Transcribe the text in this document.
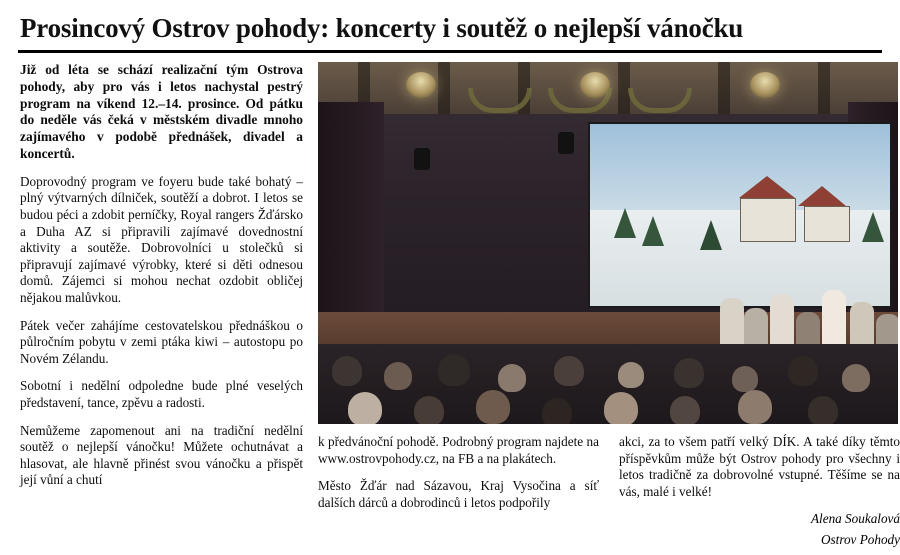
Prosincový Ostrov pohody: koncerty i soutěž o nejlepší vánočku

Již od léta se schází realizační tým Ostrova pohody, aby pro vás i letos nachystal pestrý program na víkend 12.–14. prosince. Od pátku do neděle vás čeká v městském divadle mnoho zajímavého v podobě přednášek, divadel a koncertů.

Doprovodný program ve foyeru bude také bohatý – plný výtvarných dílniček, soutěží a dobrot. I letos se budou péci a zdobit perníčky, Royal rangers Žďársko a Duha AZ si připravili zajímavé dovednostní aktivity a soutěže. Dobrovolníci u stolečků si připravují zajímavé výrobky, které si děti odnesou domů. Zájemci si mohou nechat ozdobit obličej nějakou malůvkou.

Pátek večer zahájíme cestovatelskou přednáškou o půlročním pobytu v zemi ptáka kiwi – autostopu po Novém Zélandu.

Sobotní i nedělní odpoledne bude plné veselých představení, tance, zpěvu a radosti.

Nemůžeme zapomenout ani na tradiční nedělní soutěž o nejlepší vánočku! Můžete ochutnávat a hlasovat, ale hlavně přinést svou vánočku a přispět její vůní a chutí

k předvánoční pohodě. Podrobný program najdete na www.ostrovpohody.cz, na FB a na plakátech.

Město Žďár nad Sázavou, Kraj Vysočina a síť dalších dárců a dobrodinců i letos podpořily

akci, za to všem patří velký DÍK. A také díky těmto příspěvkům může být Ostrov pohody pro všechny i letos tradičně za dobrovolné vstupné. Těšíme se na vás, malé i velké!

Alena Soukalová

Ostrov Pohody
